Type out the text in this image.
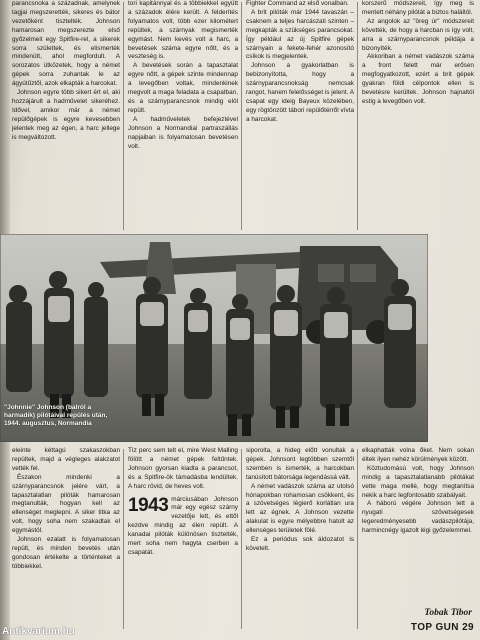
parancsnoka a századnak, amelynek tagjai megszerették, sikeres és bátor vezetőként tisztelték. Johnson hamarosan megszerezte első győzelmeit egy Spitfire-rel, a sikerek sorra születtek, és elismerték mindenütt, ahol megfordult. A sorozatos ütközetek, hogy a német gépek sorra zuhantak le az ágyútűztől, azok elkapták a harcokat.

Johnson egyre több sikert ért el, aki hozzájárult a hadművelet sikeréhez. Idővel, amikor már a német repülőgépek is egyre kevesebben jelentek meg az égen, a harc jellege is megváltozott.

tori kapitánnyal és a többiekkel együtt a századok élére került. A felderítés folyamatos volt, több ezer kilométert repültek, a szárnyak megismerték egymást. Nem kevés volt a harc, a bevetések száma egyre nőtt, és a veszteség is.

A bevetések során a tapasztalat egyre nőtt, a gépek szinte mindennap a levegőben voltak, mindenkinek megvolt a maga feladata a csapatban, és a szárnyparancsnok mindig elöl repült.

A hadműveletek befejeztével Johnson a Normandiai partraszállás napjaiban is folyamatosan bevetésen volt.

Fighter Command az első vonalban.

A brit pilóták már 1944 tavaszán – csaknem a teljes harcászati szinten – megkapták a szükséges parancsokat. Így például az új Spitfire gépek szárnyain a fekete-fehér azonosító csíkok is megjelentek.

Johnson a gyakorlatban is bebizonyította, hogy a szárnyparancsnokság nemcsak rangot, hanem felelősséget is jelent. A csapat egy ideig Bayeux közelében, egy rögtönzött tábori repülőtérről vívta a harcokat.

korszerű módszereit, így meg is mentett néhány pilótát a biztos haláltól.

Az angolok az "öreg úr" módszereit követték, de hogy a harcban is így volt, arra a szárnyparancsnok példája a bizonyíték.

Akkoriban a német vadászok száma a front felett már erősen megfogyatkozott, ezért a brit gépek gyakran földi célpontok ellen is bevetésre kerültek. Johnson hajnaltól estig a levegőben volt.

"Johnnie" Johnson (balról a harmadik) pilótáival repülés után, 1944. augusztus, Normandia

eleinte kéttagú szakaszokban repültek, majd a végleges alakzatot vették fel.

Északon mindenki a szárnyparancsnok jelére várt, a tapasztalatlan pilóták hamarosan megtanulták, hogyan kell az ellenséget meglepni. A siker titka az volt, hogy soha nem szakadtak el egymástól.

Johnson ezalatt is folyamatosan repült, és minden bevetés után gondosan értékelte a történteket a többiekkel.

Tíz perc sem telt el, mire West Malling fölött a német gépek feltűntek. Johnson gyorsan kiadta a parancsot, és a Spitfire-ök támadásba lendültek. A harc rövid, de heves volt.

1943 márciusában Johnson már egy egész szárny vezetője lett, és ettől kezdve mindig az élen repült. A kanadai pilóták különösen tisztelték, mert soha nem hagyta cserben a csapatát.

siporolta, a hideg előtt vonultak a gépek. Johnsont legtöbben szemtől szemben is ismerték, a harcokban tanúsított bátorsága legendássá vált.

A német vadászok száma az utolsó hónapokban rohamosan csökkent, és a szövetséges légierő korlátlan ura lett az égnek. A Johnson vezette alakulat is egyre mélyebbre hatolt az ellenséges területek fölé.

Ez a periódus sok áldozatot is követelt.

elkaphatták volna őket. Nem sokan éltek ilyen nehéz körülmények között.

Köztudomású volt, hogy Johnson mindig a tapasztalatlanabb pilótákat vette maga mellé, hogy megtanítsa nekik a harc legfontosabb szabályait.

A háború végére Johnson lett a nyugati szövetségesek legeredményesebb vadászpilótája, harmincnégy igazolt légi győzelemmel.

Tobak Tibor
TOP GUN 29
Antikvarium.hu
